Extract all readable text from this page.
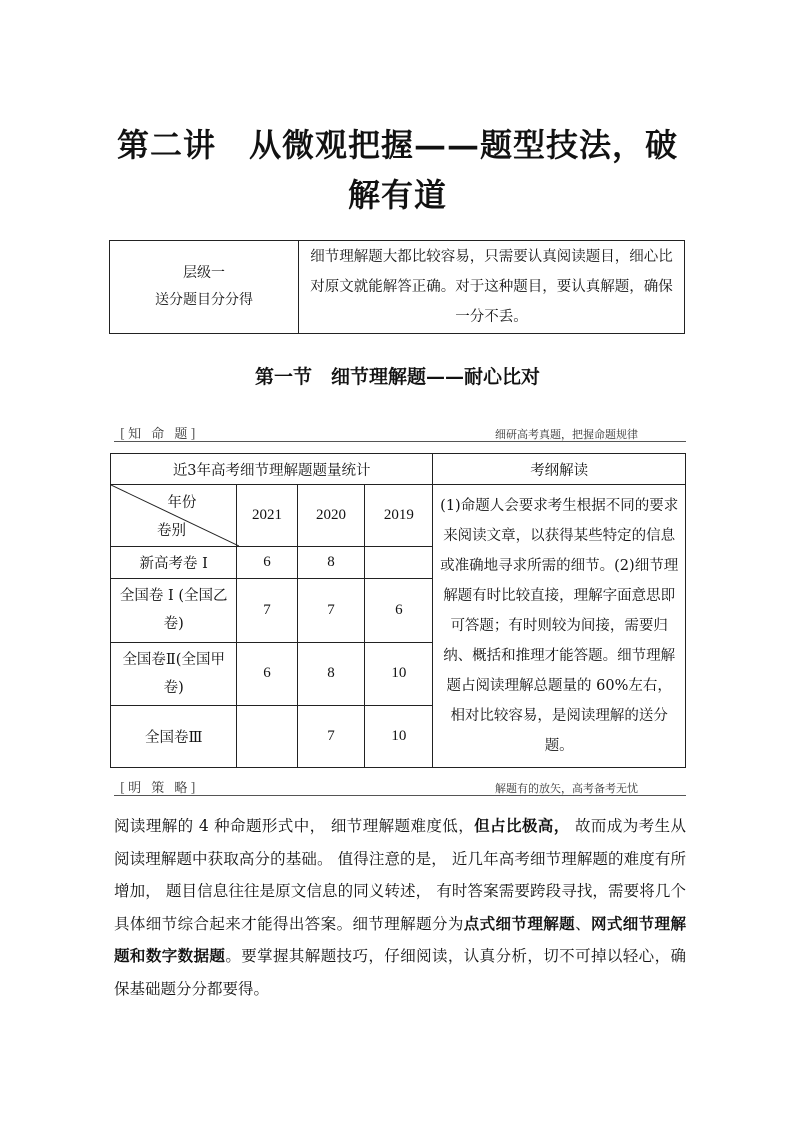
第二讲　从微观把握——题型技法，破解有道
层级一
送分题目分分得
	细节理解题大都比较容易，只需要认真阅读题目，细心比对原文就能解答正确。对于这种题目，要认真解题，确保一分不丢。
第一节　细节理解题——耐心比对
[知 命 题]	细研高考真题，把握命题规律
近3年高考细节理解题题量统计				考纲解读

年份
卷别	2021	2020	2019	(1)命题人会要求考生根据不同的要求来阅读文章，以获得某些特定的信息或准确地寻求所需的细节。(2)细节理解题有时比较直接，理解字面意思即可答题；有时则较为间接，需要归纳、概括和推理才能答题。细节理解题占阅读理解总题量的 60%左右，相对比较容易，是阅读理解的送分题。
新高考卷 I	6	8		
全国卷 I (全国乙卷)	7	7	6	
全国卷Ⅱ(全国甲卷)	6	8	10	
全国卷Ⅲ		7	10	
[明 策 略]	解题有的放矢，高考备考无忧
阅读理解的 4 种命题形式中， 细节理解题难度低，但占比极高， 故而成为考生从阅读理解题中获取高分的基础。 值得注意的是， 近几年高考细节理解题的难度有所增加， 题目信息往往是原文信息的同义转述， 有时答案需要跨段寻找，需要将几个具体细节综合起来才能得出答案。细节理解题分为点式细节理解题、网式细节理解题和数字数据题。要掌握其解题技巧，仔细阅读，认真分析，切不可掉以轻心，确保基础题分分都要得。
